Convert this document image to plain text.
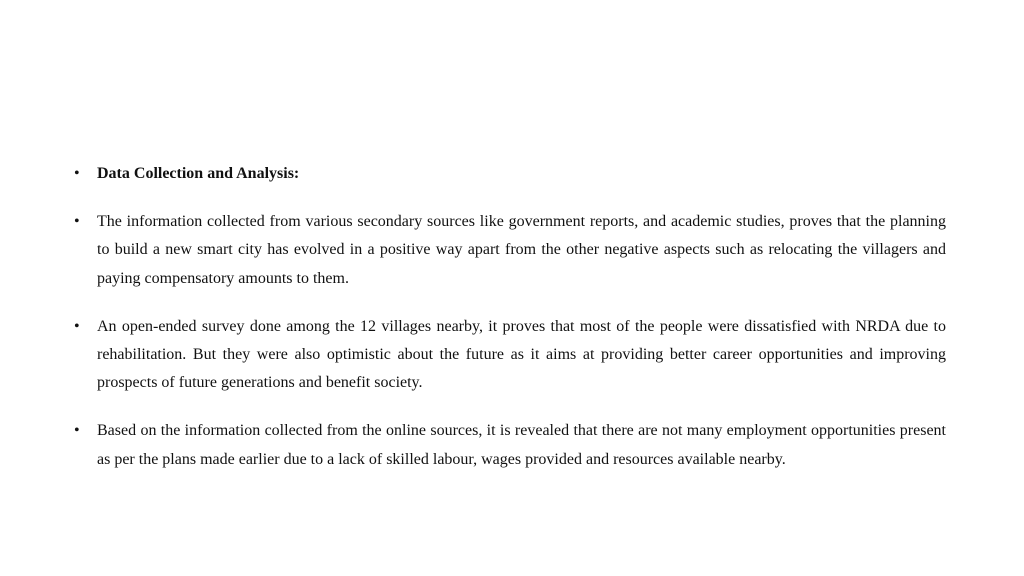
•	Data Collection and Analysis:
•	The information collected from various secondary sources like government reports, and academic studies, proves that the planning to build a new smart city has evolved in a positive way apart from the other negative aspects such as relocating the villagers and paying compensatory amounts to them.
•	An open-ended survey done among the 12 villages nearby, it proves that most of the people were dissatisfied with NRDA due to rehabilitation. But they were also optimistic about the future as it aims at providing better career opportunities and improving prospects of future generations and benefit society.
•	Based on the information collected from the online sources, it is revealed that there are not many employment opportunities present as per the plans made earlier due to a lack of skilled labour, wages provided and resources available nearby.
